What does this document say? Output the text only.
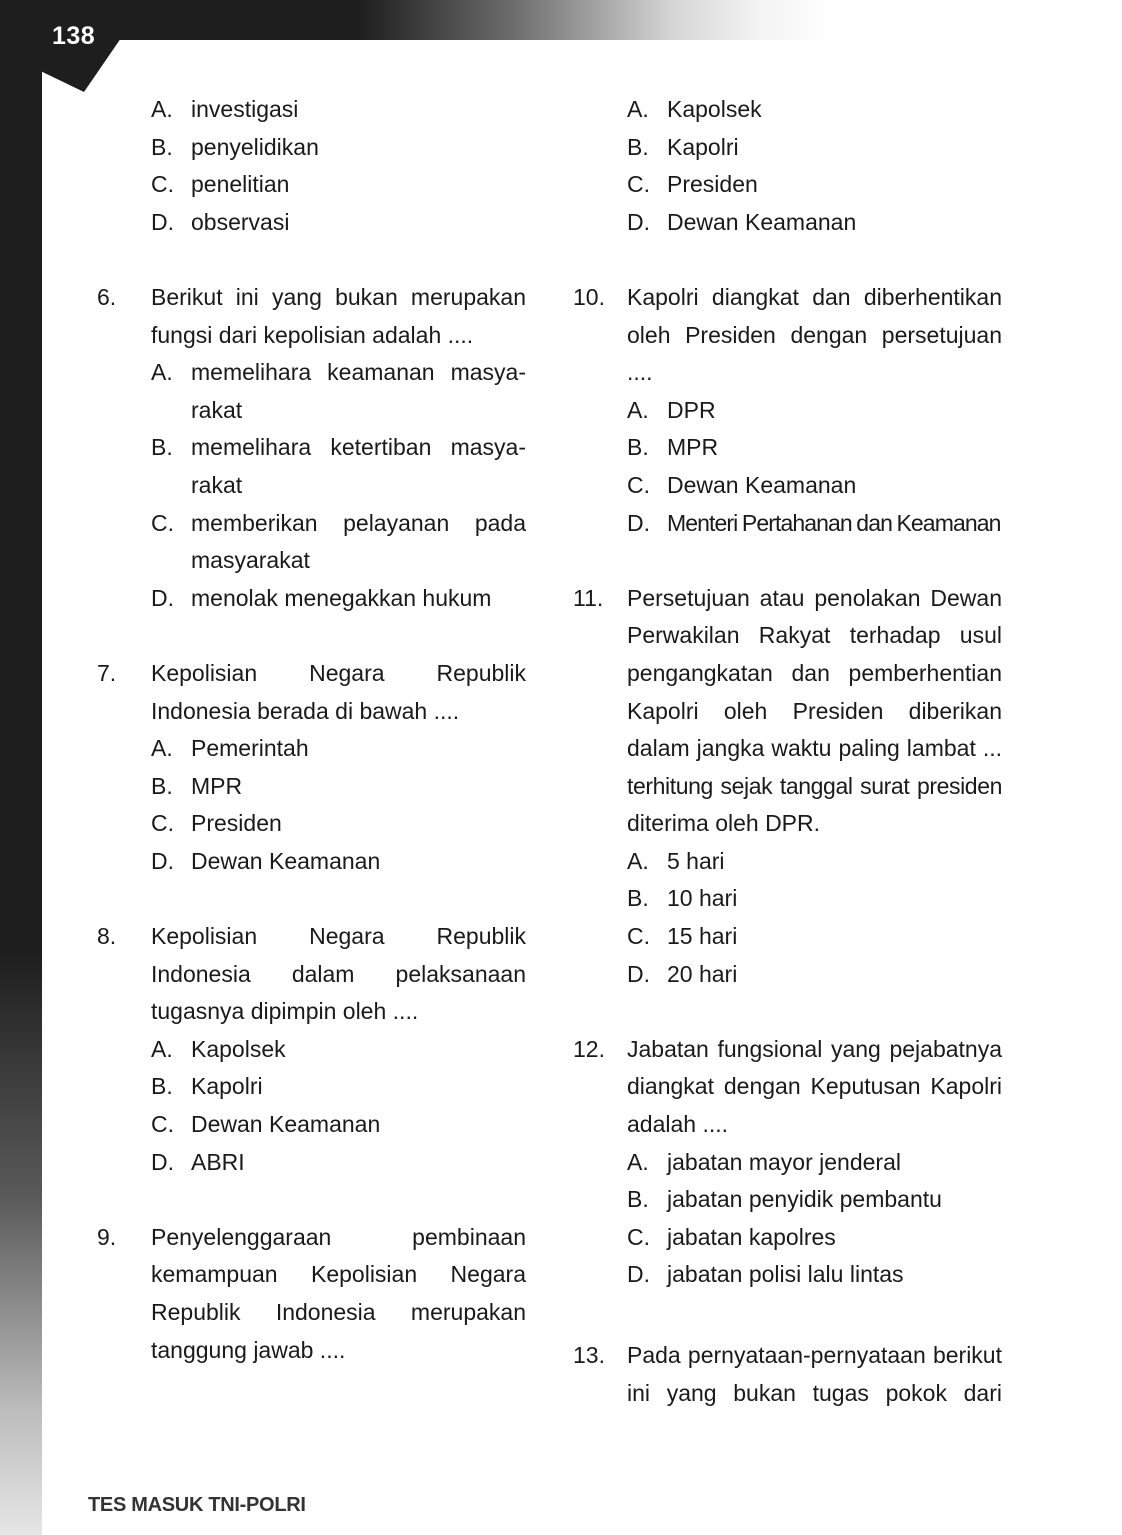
138
A. investigasi
B. penyelidikan
C. penelitian
D. observasi
6.	Berikut ini yang bukan merupakan
fungsi dari kepolisian adalah ....
A. memelihara keamanan masya-
rakat
B. memelihara ketertiban masya-
rakat
C. memberikan pelayanan pada
masyarakat
D. menolak menegakkan hukum
7.	Kepolisian Negara Republik
Indonesia berada di bawah ....
A. Pemerintah
B. MPR
C. Presiden
D. Dewan Keamanan
8.	Kepolisian Negara Republik
Indonesia dalam pelaksanaan
tugasnya dipimpin oleh ....
A. Kapolsek
B. Kapolri
C. Dewan Keamanan
D. ABRI
9.	Penyelenggaraan pembinaan
kemampuan Kepolisian Negara
Republik Indonesia merupakan
tanggung jawab ....
A. Kapolsek
B. Kapolri
C. Presiden
D. Dewan Keamanan
10. Kapolri diangkat dan diberhentikan
oleh Presiden dengan persetujuan ....
A. DPR
B. MPR
C. Dewan Keamanan
D. Menteri Pertahanan dan Keamanan
11.	Persetujuan atau penolakan Dewan
Perwakilan Rakyat terhadap usul
pengangkatan dan pemberhentian
Kapolri oleh Presiden diberikan
dalam jangka waktu paling lambat ...
terhitung sejak tanggal surat presiden
diterima oleh DPR.
A. 5 hari
B. 10 hari
C. 15 hari
D. 20 hari
12. Jabatan fungsional yang pejabatnya
diangkat dengan Keputusan Kapolri
adalah ....
A. jabatan mayor jenderal
B. jabatan penyidik pembantu
C. jabatan kapolres
D. jabatan polisi lalu lintas
13. Pada pernyataan-pernyataan berikut
ini yang bukan tugas pokok dari
TES MASUK TNI-POLRI
